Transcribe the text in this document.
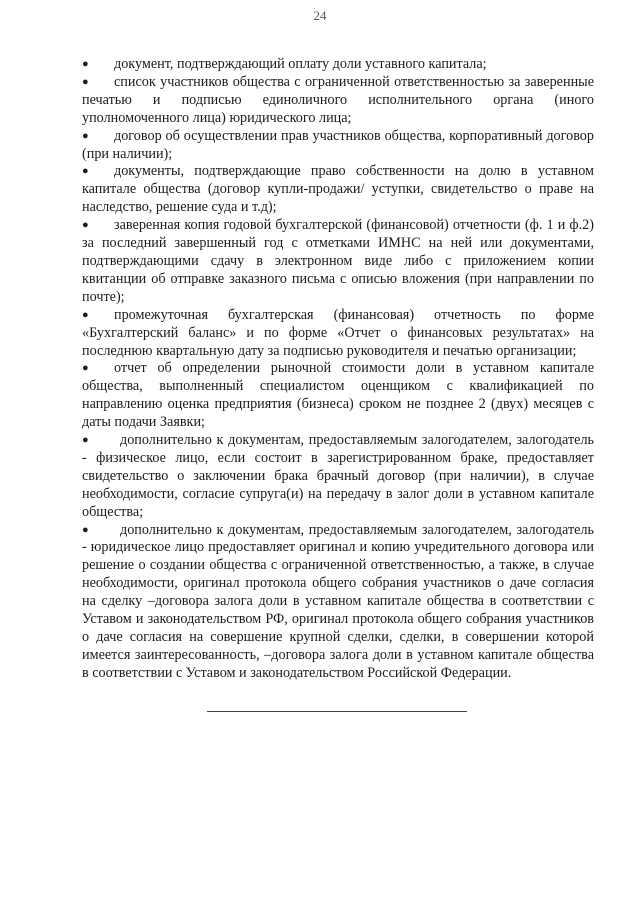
24

● документ, подтверждающий оплату доли уставного капитала;

● список участников общества с ограниченной ответственностью за заверенные печатью и подписью единоличного исполнительного органа (иного уполномоченного лица) юридического лица;

● договор об осуществлении прав участников общества, корпоративный договор (при наличии);

● документы, подтверждающие право собственности на долю в уставном капитале общества (договор купли-продажи/ уступки, свидетельство о праве на наследство, решение суда и т.д);

● заверенная копия годовой бухгалтерской (финансовой) отчетности (ф. 1 и ф.2) за последний завершенный год с отметками ИМНС на ней или документами, подтверждающими сдачу в электронном виде либо с приложением копии квитанции об отправке заказного письма с описью вложения (при направлении по почте);

● промежуточная бухгалтерская (финансовая) отчетность по форме «Бухгалтерский баланс» и по форме «Отчет о финансовых результатах» на последнюю квартальную дату за подписью руководителя и печатью организации;

● отчет об определении рыночной стоимости доли в уставном капитале общества, выполненный специалистом оценщиком с квалификацией по направлению оценка предприятия (бизнеса) сроком не позднее 2 (двух) месяцев с даты подачи Заявки;

● дополнительно к документам, предоставляемым залогодателем, залогодатель - физическое лицо, если состоит в зарегистрированном браке, предоставляет свидетельство о заключении брака брачный договор (при наличии), в случае необходимости, согласие супруга(и) на передачу в залог доли в уставном капитале общества;

● дополнительно к документам, предоставляемым залогодателем, залогодатель - юридическое лицо предоставляет оригинал и копию учредительного договора или решение о создании общества с ограниченной ответственностью, а также, в случае необходимости, оригинал протокола общего собрания участников о даче согласия на сделку –договора залога доли в уставном капитале общества в соответствии с Уставом и законодательством РФ, оригинал протокола общего собрания участников о даче согласия на совершение крупной сделки, сделки, в совершении которой имеется заинтересованность, –договора залога доли в уставном капитале общества в соответствии с Уставом и законодательством Российской Федерации.
